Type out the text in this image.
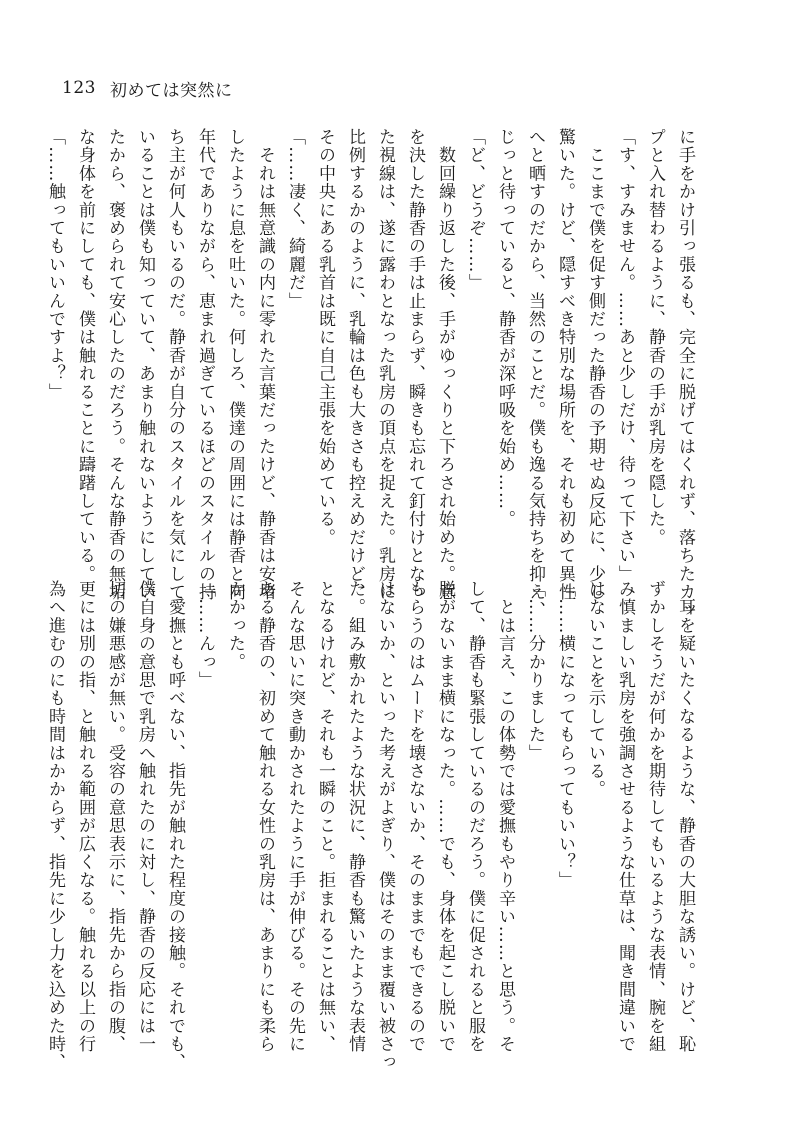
123 初めては突然に
に手をかけ引っ張るも、完全に脱げてはくれず、落ちたカッ
プと入れ替わるように、静香の手が乳房を隠した。
「す、すみません。……あと少しだけ、待って下さい」
　ここまで僕を促す側だった静香の予期せぬ反応に、少し
驚いた。けど、隠すべき特別な場所を、それも初めて異性
へと晒すのだから、当然のことだ。僕も逸る気持ちを抑え、
じっと待っていると、静香が深呼吸を始め……。
「ど、どうぞ……」
　数回繰り返した後、手がゆっくりと下ろされ始めた。意
を決した静香の手は止まらず、瞬きも忘れて釘付けとなっ
た視線は、遂に露わとなった乳房の頂点を捉えた。乳房に
比例するかのように、乳輪は色も大きさも控えめだけど、
その中央にある乳首は既に自己主張を始めている。
「……凄く、綺麗だ」
　それは無意識の内に零れた言葉だったけど、静香は安堵
したように息を吐いた。何しろ、僕達の周囲には静香と同
年代でありながら、恵まれ過ぎているほどのスタイルの持
ち主が何人もいるのだ。静香が自分のスタイルを気にして
いることは僕も知っていて、あまり触れないようにしてい
たから、褒められて安心したのだろう。そんな静香の無垢
な身体を前にしても、僕は触れることに躊躇している。
「……触ってもいいんですよ？」
　耳を疑いたくなるような、静香の大胆な誘い。けど、恥
ずかしそうだが何かを期待してもいるような表情、腕を組
み慎ましい乳房を強調させるような仕草は、聞き間違いで
はないことを示している。
「……横になってもらってもいい？」
「……分かりました」
　とは言え、この体勢では愛撫もやり辛い……と思う。そ
して、静香も緊張しているのだろう。僕に促されると服を
脱がないまま横になった。……でも、身体を起こし脱いで
もらうのはムードを壊さないか、そのままでもできるので
はないか、といった考えがよぎり、僕はそのまま覆い被さっ
た。組み敷かれたような状況に、静香も驚いたような表情
となるけれど、それも一瞬のこと。拒まれることは無い、
そんな思いに突き動かされたように手が伸びる。その先に
ある静香の、初めて触れる女性の乳房は、あまりにも柔ら
かかった。
「……んっ」
　愛撫とも呼べない、指先が触れた程度の接触。それでも、
僕自身の意思で乳房へ触れたのに対し、静香の反応には一
切の嫌悪感が無い。受容の意思表示に、指先から指の腹、
更には別の指、と触れる範囲が広くなる。触れる以上の行
為へ進むのにも時間はかからず、指先に少し力を込めた時、
